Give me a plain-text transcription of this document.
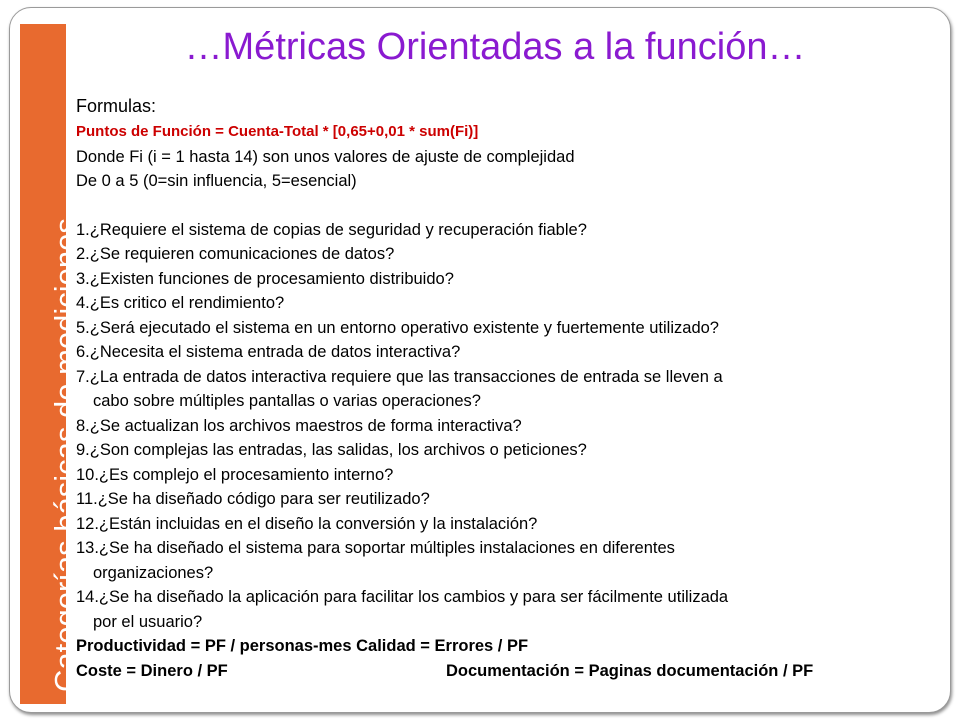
Categorías básicas de mediciones
…Métricas Orientadas a la función…
Formulas:
Puntos de Función = Cuenta-Total * [0,65+0,01 * sum(Fi)]
Donde Fi (i = 1 hasta 14) son unos valores de ajuste de complejidad
De 0 a 5 (0=sin influencia, 5=esencial)
1.¿Requiere el sistema de copias de seguridad y recuperación fiable?
2.¿Se requieren comunicaciones de datos?
3.¿Existen funciones de procesamiento distribuido?
4.¿Es critico el rendimiento?
5.¿Será ejecutado el sistema en un entorno operativo existente y fuertemente utilizado?
6.¿Necesita el sistema entrada de datos interactiva?
7.¿La entrada de datos interactiva requiere que las transacciones de entrada se lleven a
cabo sobre múltiples pantallas o varias operaciones?
8.¿Se actualizan los archivos maestros de forma interactiva?
9.¿Son complejas las entradas, las salidas, los archivos o peticiones?
10.¿Es complejo el procesamiento interno?
11.¿Se ha diseñado código para ser reutilizado?
12.¿Están incluidas en el diseño la conversión y la instalación?
13.¿Se ha diseñado el sistema para soportar múltiples instalaciones en diferentes
organizaciones?
14.¿Se ha diseñado la aplicación para facilitar los cambios y para ser fácilmente utilizada
por el usuario?
Productividad = PF / personas-mes Calidad = Errores / PF
Coste = Dinero / PF	Documentación = Paginas documentación / PF
